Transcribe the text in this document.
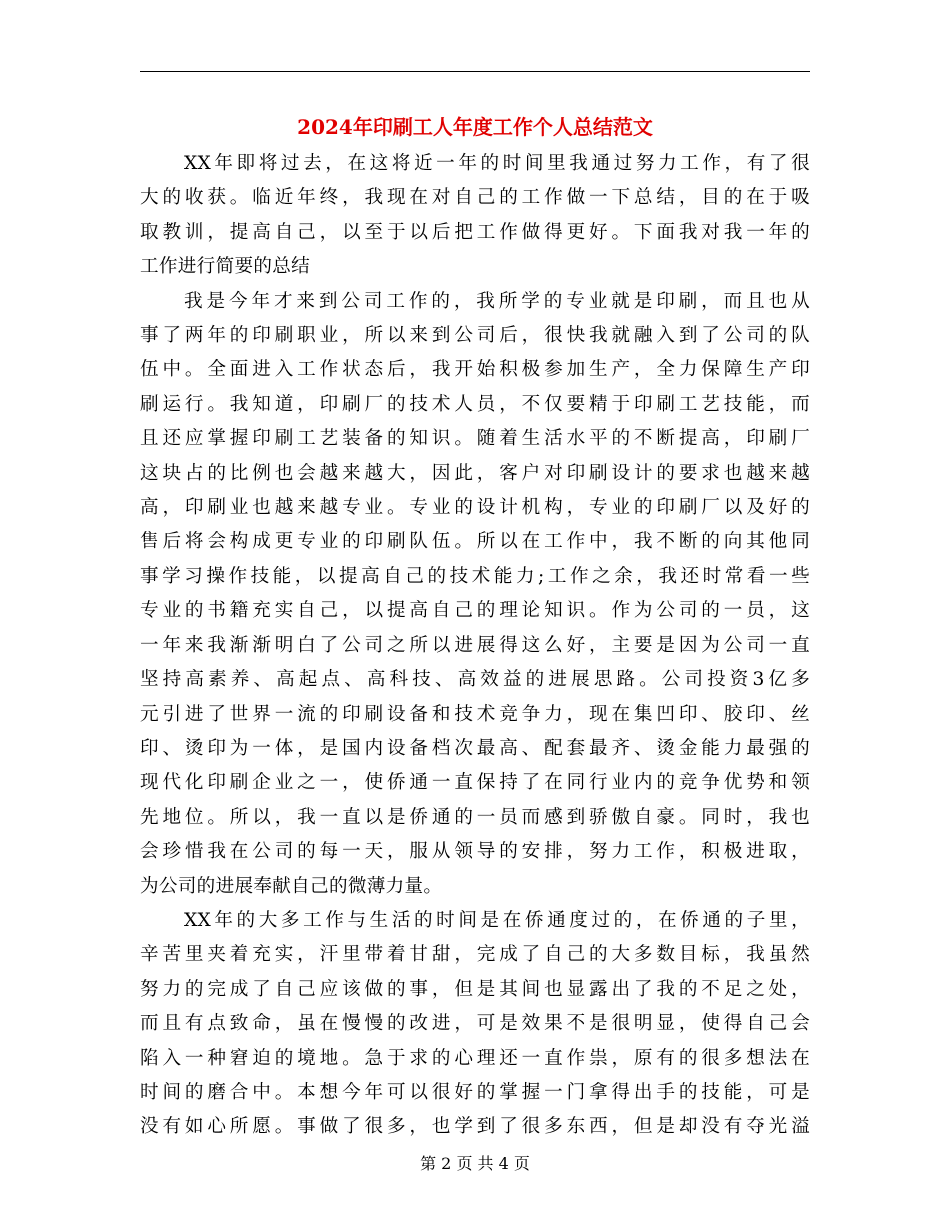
2024年印刷工人年度工作个人总结范文
XX年即将过去，在这将近一年的时间里我通过努力工作，有了很
大的收获。临近年终，我现在对自己的工作做一下总结，目的在于吸
取教训，提高自己，以至于以后把工作做得更好。下面我对我一年的
工作进行简要的总结
我是今年才来到公司工作的，我所学的专业就是印刷，而且也从
事了两年的印刷职业，所以来到公司后，很快我就融入到了公司的队
伍中。全面进入工作状态后，我开始积极参加生产，全力保障生产印
刷运行。我知道，印刷厂的技术人员，不仅要精于印刷工艺技能，而
且还应掌握印刷工艺装备的知识。随着生活水平的不断提高，印刷厂
这块占的比例也会越来越大，因此，客户对印刷设计的要求也越来越
高，印刷业也越来越专业。专业的设计机构，专业的印刷厂以及好的
售后将会构成更专业的印刷队伍。所以在工作中，我不断的向其他同
事学习操作技能，以提高自己的技术能力;工作之余，我还时常看一些
专业的书籍充实自己，以提高自己的理论知识。作为公司的一员，这
一年来我渐渐明白了公司之所以进展得这么好，主要是因为公司一直
坚持高素养、高起点、高科技、高效益的进展思路。公司投资3亿多
元引进了世界一流的印刷设备和技术竞争力，现在集凹印、胶印、丝
印、烫印为一体，是国内设备档次最高、配套最齐、烫金能力最强的
现代化印刷企业之一，使侨通一直保持了在同行业内的竞争优势和领
先地位。所以，我一直以是侨通的一员而感到骄傲自豪。同时，我也
会珍惜我在公司的每一天，服从领导的安排，努力工作，积极进取，
为公司的进展奉献自己的微薄力量。
XX年的大多工作与生活的时间是在侨通度过的，在侨通的子里，
辛苦里夹着充实，汗里带着甘甜，完成了自己的大多数目标，我虽然
努力的完成了自己应该做的事，但是其间也显露出了我的不足之处，
而且有点致命，虽在慢慢的改进，可是效果不是很明显，使得自己会
陷入一种窘迫的境地。急于求的心理还一直作祟，原有的很多想法在
时间的磨合中。本想今年可以很好的掌握一门拿得出手的技能，可是
没有如心所愿。事做了很多，也学到了很多东西，但是却没有夺光溢
第 2 页 共 4 页
